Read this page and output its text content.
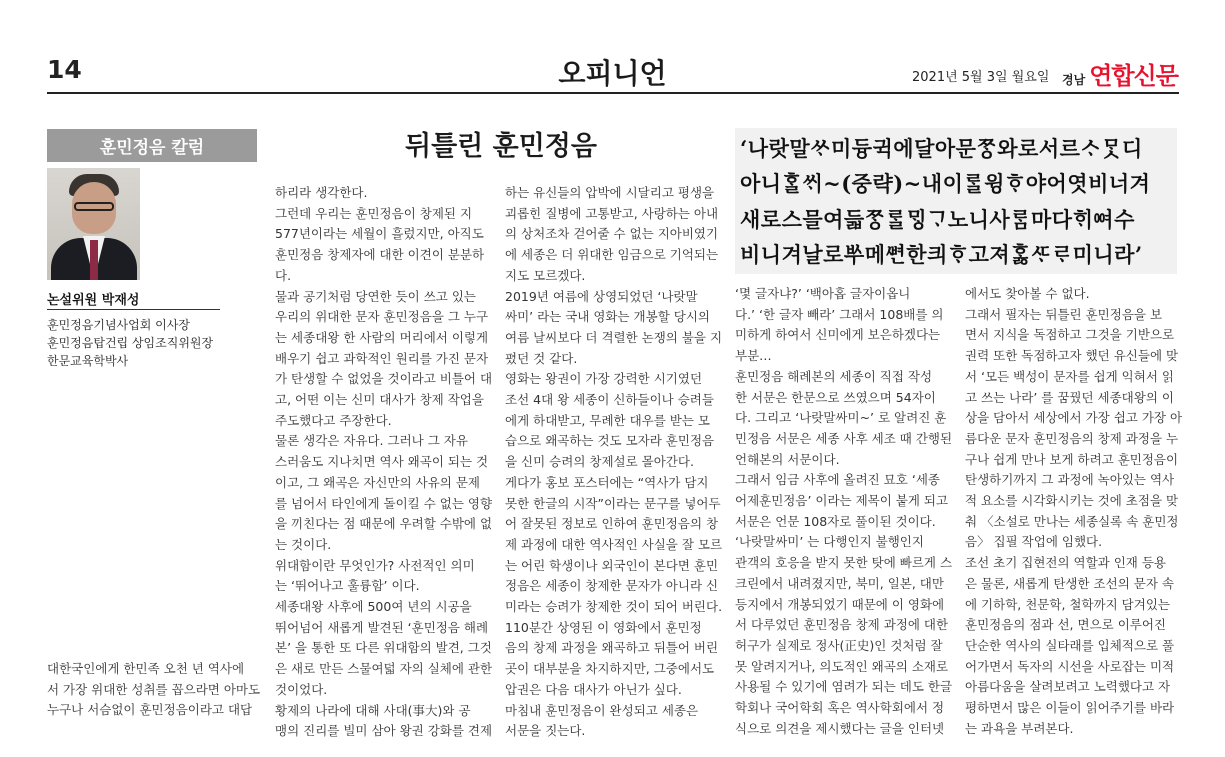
14	오피니언	2021년 5월 3일 월요일 경남 연합신문
훈민정음 칼럼
논설위원 박재성
훈민정음기념사업회 이사장
훈민정음탑건립 상임조직위원장
한문교육학박사
뒤틀린 훈민정음	‘나랏말ᄊᆞ미듕귁에달아문ᄍᆞᆼ와로서르ᄉᆞᄆᆞᆺ디
아니ᄒᆞᆯᄊᆡ~(중략)~내이ᄅᆞᆯ윙ᄒᆞ야어엿비너겨
새로스믈여듧ᄍᆞᆼᄅᆞᆯᄆᆡᇰᄀᆞ노니사ᄅᆞᆷ마다ᄒᆡᅇᅧ수
비니겨날로ᄡᅮ메ᄲᅧᆫ한킈ᄒᆞ고져ᄒᆞᇙᄯᆞᄅᆞ미니라’

대한국인에게 한민족 오천 년 역사에

서 가장 위대한 성취를 꼽으라면 아마도

누구나 서슴없이 훈민정음이라고 대답

하리라 생각한다.

그런데 우리는 훈민정음이 창제된 지

577년이라는 세월이 흘렀지만, 아직도

훈민정음 창제자에 대한 이견이 분분하

다.

물과 공기처럼 당연한 듯이 쓰고 있는

우리의 위대한 문자 훈민정음을 그 누구

는 세종대왕 한 사람의 머리에서 이렇게

배우기 쉽고 과학적인 원리를 가진 문자

가 탄생할 수 없었을 것이라고 비틀어 대

고, 어떤 이는 신미 대사가 창제 작업을

주도했다고 주장한다.

물론 생각은 자유다. 그러나 그 자유

스러움도 지나치면 역사 왜곡이 되는 것

이고, 그 왜곡은 자신만의 사유의 문제

를 넘어서 타인에게 돌이킬 수 없는 영향

을 끼친다는 점 때문에 우려할 수밖에 없

는 것이다.

위대함이란 무엇인가? 사전적인 의미

는 ‘뛰어나고 훌륭함’ 이다.

세종대왕 사후에 500여 년의 시공을

뛰어넘어 새롭게 발견된 ‘훈민정음 해례

본’ 을 통한 또 다른 위대함의 발견, 그것

은 새로 만든 스물여덟 자의 실체에 관한

것이었다.

황제의 나라에 대해 사대(事大)와 공

맹의 진리를 빌미 삼아 왕권 강화를 견제

하는 유신들의 압박에 시달리고 평생을

괴롭힌 질병에 고통받고, 사랑하는 아내

의 상처조차 걷어줄 수 없는 지아비였기

에 세종은 더 위대한 임금으로 기억되는

지도 모르겠다.

2019년 여름에 상영되었던 ‘나랏말

싸미’ 라는 국내 영화는 개봉할 당시의

여름 날씨보다 더 격렬한 논쟁의 불을 지

폈던 것 같다.

영화는 왕권이 가장 강력한 시기였던

조선 4대 왕 세종이 신하들이나 승려들

에게 하대받고, 무례한 대우를 받는 모

습으로 왜곡하는 것도 모자라 훈민정음

을 신미 승려의 창제설로 몰아간다.

게다가 홍보 포스터에는 “역사가 담지

못한 한글의 시작”이라는 문구를 넣어두

어 잘못된 정보로 인하여 훈민정음의 창

제 과정에 대한 역사적인 사실을 잘 모르

는 어린 학생이나 외국인이 본다면 훈민

정음은 세종이 창제한 문자가 아니라 신

미라는 승려가 창제한 것이 되어 버린다.

110분간 상영된 이 영화에서 훈민정

음의 창제 과정을 왜곡하고 뒤틀어 버린

곳이 대부분을 차지하지만, 그중에서도

압권은 다음 대사가 아닌가 싶다.

마침내 훈민정음이 완성되고 세종은

서문을 짓는다.

‘몇 글자냐?’ ‘백아홉 글자이옵니

다.’ ‘한 글자 빼라’ 그래서 108배를 의

미하게 하여서 신미에게 보은하겠다는

부분…

훈민정음 해례본의 세종이 직접 작성

한 서문은 한문으로 쓰였으며 54자이

다. 그리고 ‘나랏말싸미~’ 로 알려진 훈

민정음 서문은 세종 사후 세조 때 간행된

언해본의 서문이다.

그래서 임금 사후에 올려진 묘호 ‘세종

어제훈민정음’ 이라는 제목이 붙게 되고

서문은 언문 108자로 풀이된 것이다.

‘나랏말싸미’ 는 다행인지 불행인지

관객의 호응을 받지 못한 탓에 빠르게 스

크린에서 내려졌지만, 북미, 일본, 대만

등지에서 개봉되었기 때문에 이 영화에

서 다루었던 훈민정음 창제 과정에 대한

허구가 실제로 정사(正史)인 것처럼 잘

못 알려지거나, 의도적인 왜곡의 소재로

사용될 수 있기에 염려가 되는 데도 한글

학회나 국어학회 혹은 역사학회에서 정

식으로 의견을 제시했다는 글을 인터넷

에서도 찾아볼 수 없다.

그래서 필자는 뒤틀린 훈민정음을 보

면서 지식을 독점하고 그것을 기반으로

권력 또한 독점하고자 했던 유신들에 맞

서 ‘모든 백성이 문자를 쉽게 익혀서 읽

고 쓰는 나라’ 를 꿈꿨던 세종대왕의 이

상을 담아서 세상에서 가장 쉽고 가장 아

름다운 문자 훈민정음의 창제 과정을 누

구나 쉽게 만나 보게 하려고 훈민정음이

탄생하기까지 그 과정에 녹아있는 역사

적 요소를 시각화시키는 것에 초점을 맞

춰 〈소설로 만나는 세종실록 속 훈민정

음〉 집필 작업에 임했다.

조선 초기 집현전의 역할과 인재 등용

은 물론, 새롭게 탄생한 조선의 문자 속

에 기하학, 천문학, 철학까지 담겨있는

훈민정음의 점과 선, 면으로 이루어진

단순한 역사의 실타래를 입체적으로 풀

어가면서 독자의 시선을 사로잡는 미적

아름다움을 살려보려고 노력했다고 자

평하면서 많은 이들이 읽어주기를 바라

는 과욕을 부려본다.
